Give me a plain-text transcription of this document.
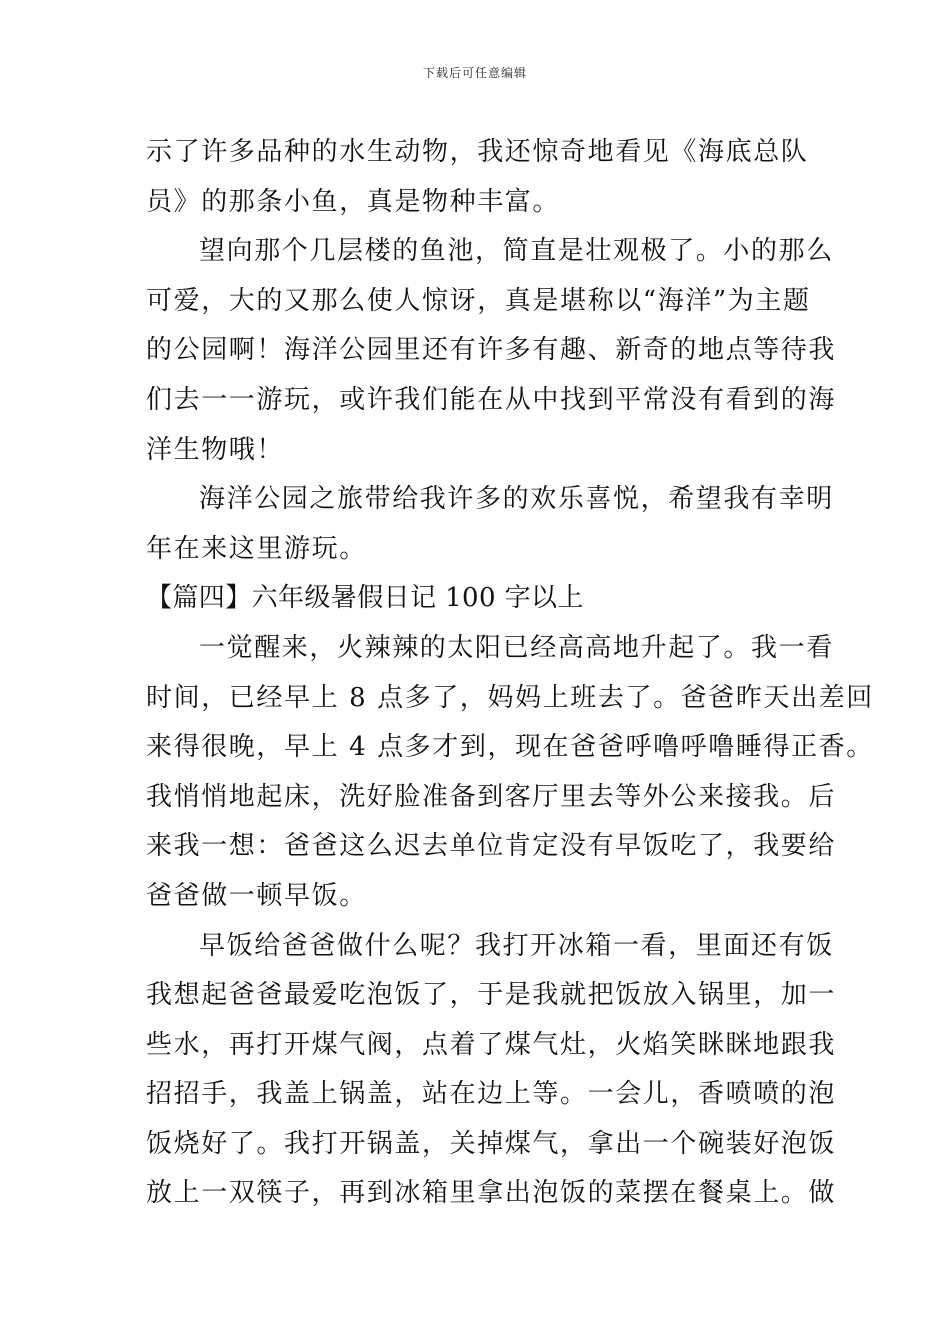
下载后可任意编辑
示了许多品种的水生动物，我还惊奇地看见《海底总队
员》的那条小鱼，真是物种丰富。
望向那个几层楼的鱼池，简直是壮观极了。小的那么
可爱，大的又那么使人惊讶，真是堪称以“海洋”为主题
的公园啊！海洋公园里还有许多有趣、新奇的地点等待我
们去一一游玩，或许我们能在从中找到平常没有看到的海
洋生物哦！
海洋公园之旅带给我许多的欢乐喜悦，希望我有幸明
年在来这里游玩。
【篇四】六年级暑假日记 100 字以上
一觉醒来，火辣辣的太阳已经高高地升起了。我一看
时间，已经早上 8 点多了，妈妈上班去了。爸爸昨天出差回
来得很晚，早上 4 点多才到，现在爸爸呼噜呼噜睡得正香。
我悄悄地起床，洗好脸准备到客厅里去等外公来接我。后
来我一想：爸爸这么迟去单位肯定没有早饭吃了，我要给
爸爸做一顿早饭。
早饭给爸爸做什么呢？我打开冰箱一看，里面还有饭
我想起爸爸最爱吃泡饭了，于是我就把饭放入锅里，加一
些水，再打开煤气阀，点着了煤气灶，火焰笑眯眯地跟我
招招手，我盖上锅盖，站在边上等。一会儿，香喷喷的泡
饭烧好了。我打开锅盖，关掉煤气，拿出一个碗装好泡饭
放上一双筷子，再到冰箱里拿出泡饭的菜摆在餐桌上。做
